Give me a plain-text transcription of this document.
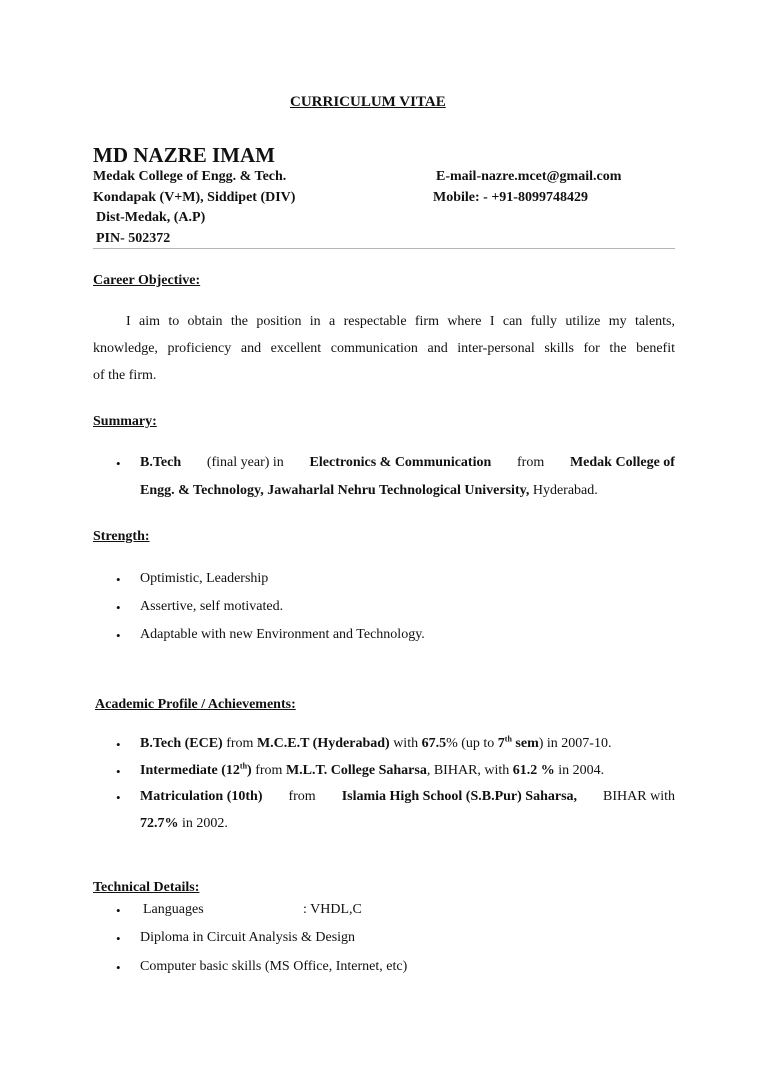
CURRICULUM VITAE
MD NAZRE IMAM
Medak College of Engg. & Tech.
Kondapak (V+M), Siddipet (DIV)
Dist-Medak, (A.P)
PIN- 502372
E-mail-nazre.mcet@gmail.com
Mobile: - +91-8099748429
Career Objective:
I aim to obtain the position in a respectable firm where I can fully utilize my talents,
knowledge, proficiency and excellent communication and inter-personal skills for the benefit
of the firm.
Summary:
• B.Tech (final year) in Electronics & Communication from Medak College of
Engg. & Technology, Jawaharlal Nehru Technological University, Hyderabad.
Strength:
• Optimistic, Leadership
• Assertive, self motivated.
• Adaptable with new Environment and Technology.
Academic Profile / Achievements:
• B.Tech (ECE) from M.C.E.T (Hyderabad) with 67.5% (up to 7th sem) in 2007-10.
• Intermediate (12th) from M.L.T. College Saharsa, BIHAR, with 61.2 % in 2004.
• Matriculation (10th) from Islamia High School (S.B.Pur) Saharsa, BIHAR with
72.7% in 2002.
Technical Details:
• Languages	: VHDL,C
• Diploma in Circuit Analysis & Design
• Computer basic skills (MS Office, Internet, etc)
